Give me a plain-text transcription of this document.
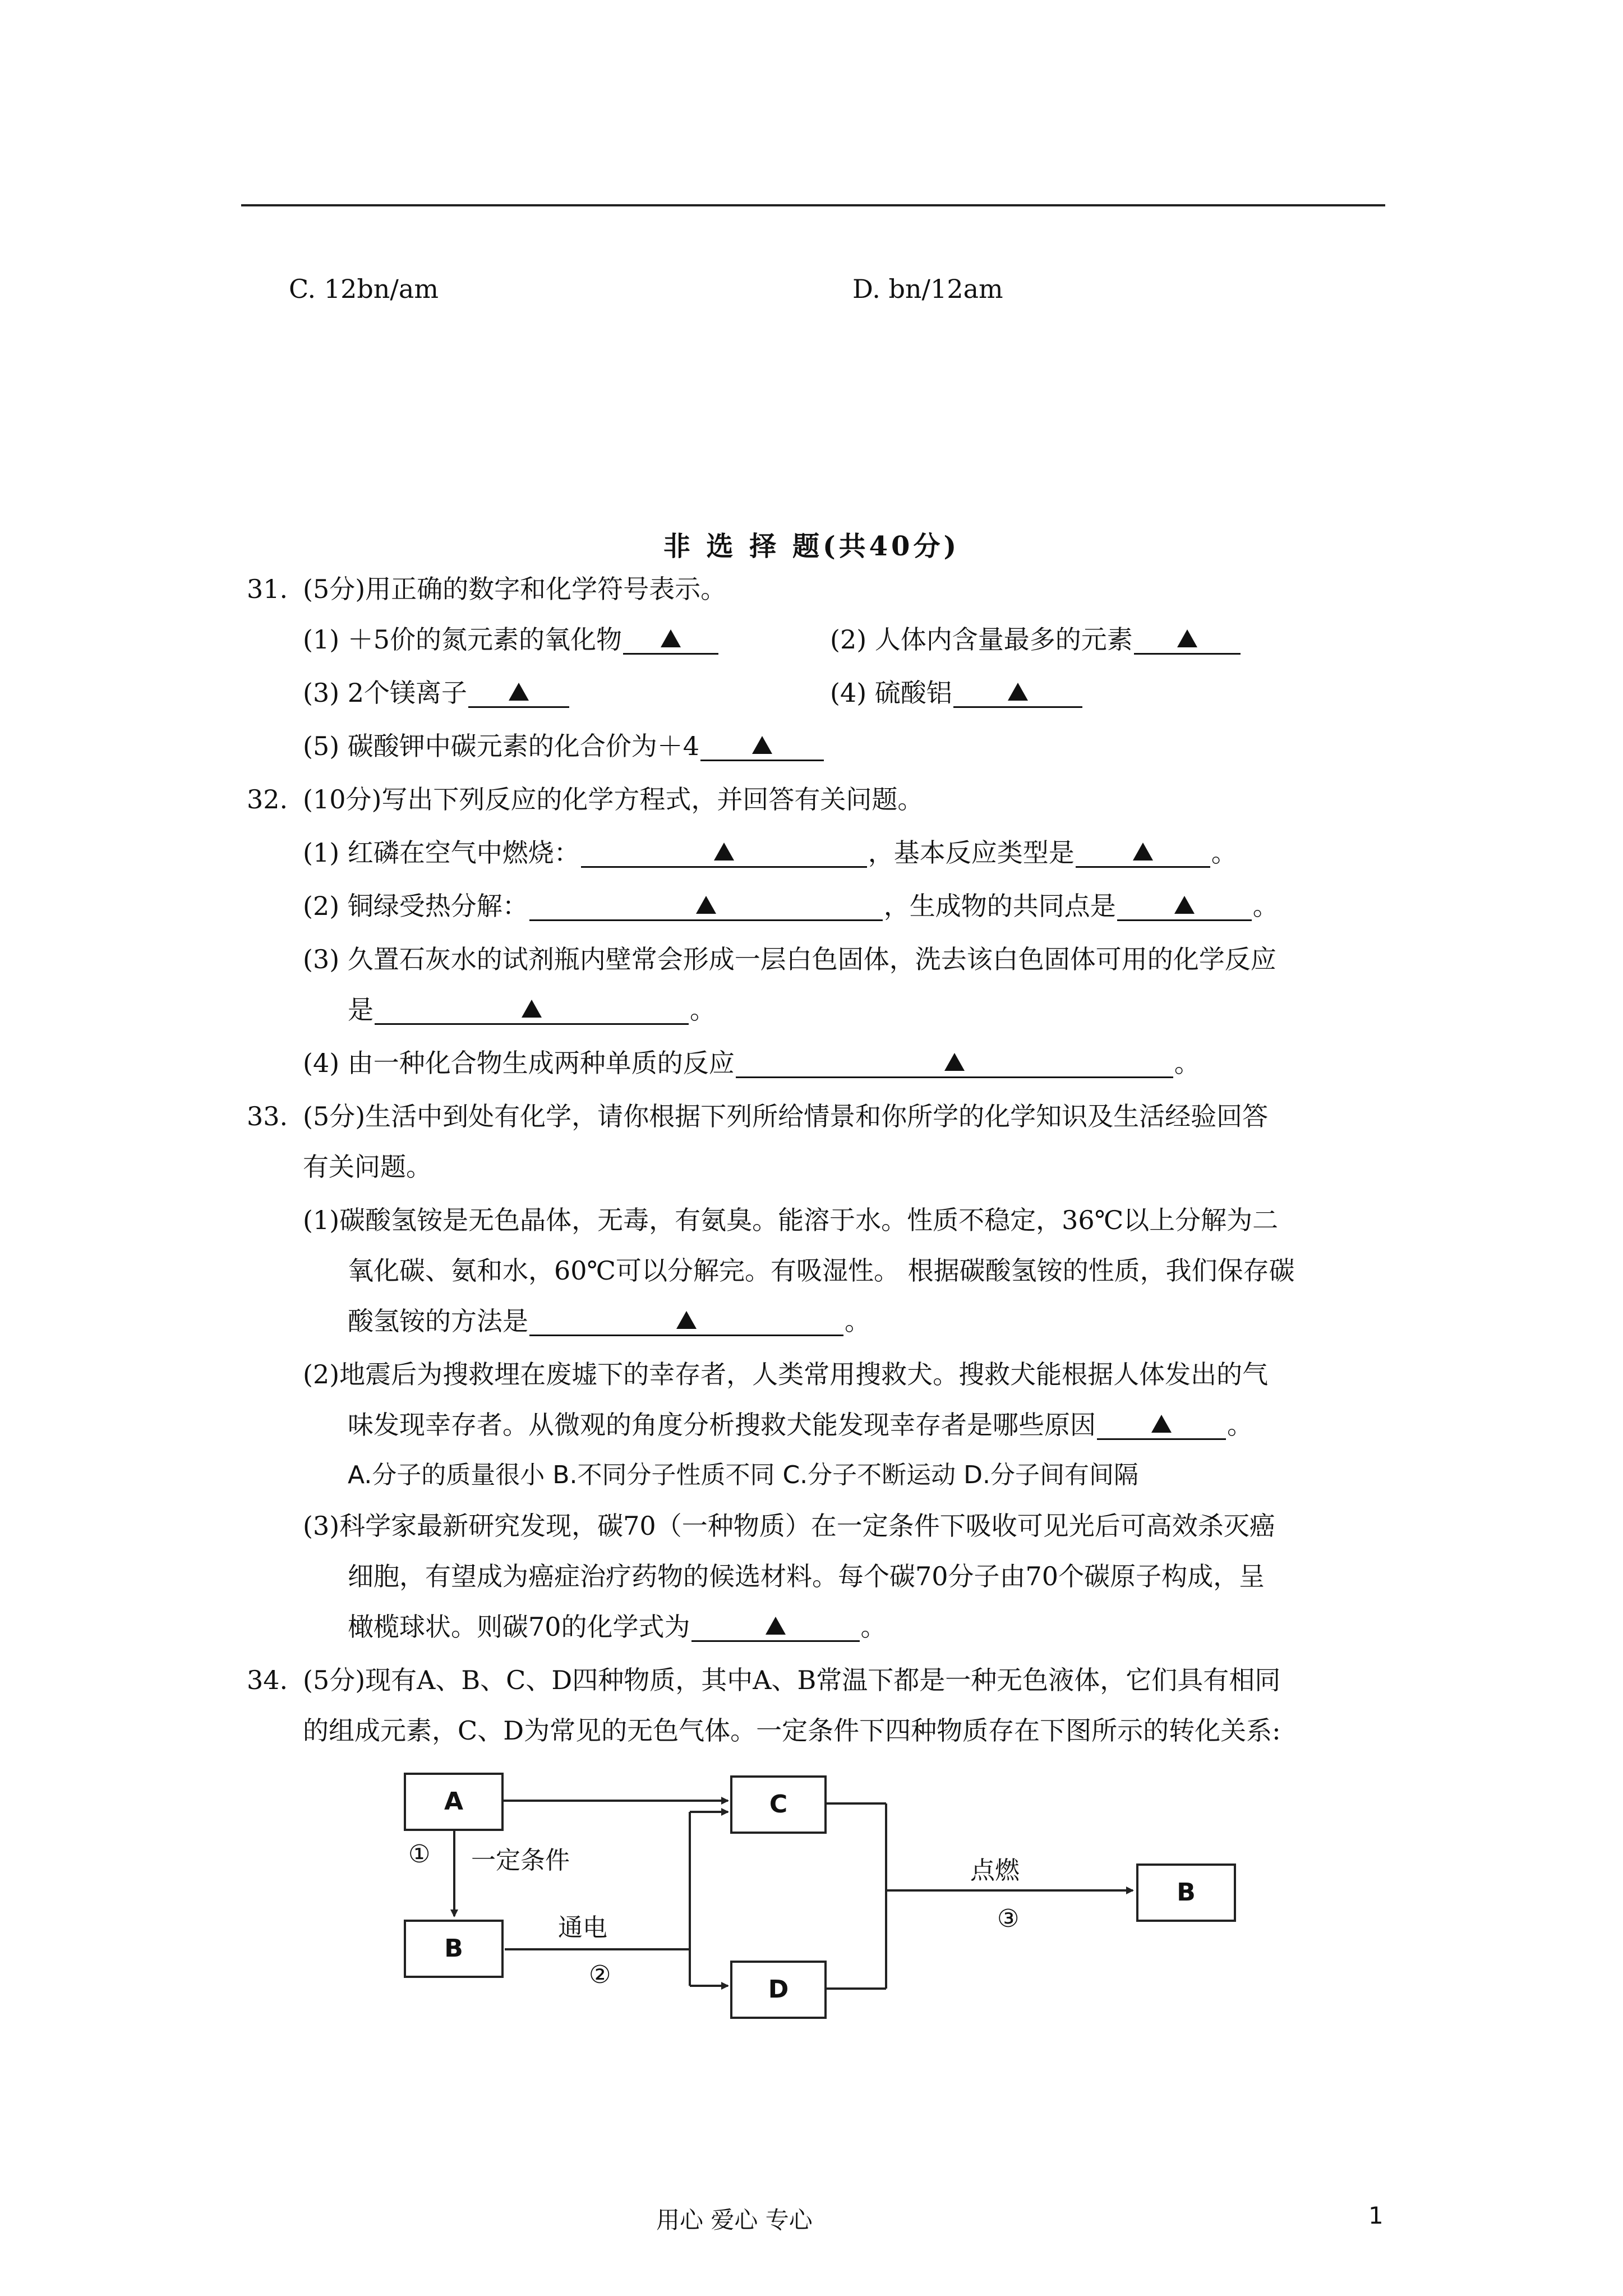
C. 12bn/am	D. bn/12am
非 选 择 题(共40分)
31. (5分)用正确的数字和化学符号表示。
(1) ＋5价的氮元素的氧化物	(2) 人体内含量最多的元素
(3) 2个镁离子	(4) 硫酸铝
(5) 碳酸钾中碳元素的化合价为＋4
32. (10分)写出下列反应的化学方程式，并回答有关问题。
(1) 红磷在空气中燃烧：	，基本反应类型是	。
(2) 铜绿受热分解：	，生成物的共同点是	。
(3) 久置石灰水的试剂瓶内壁常会形成一层白色固体，洗去该白色固体可用的化学反应
是	。
(4) 由一种化合物生成两种单质的反应	。
33. (5分)生活中到处有化学，请你根据下列所给情景和你所学的化学知识及生活经验回答
有关问题。
(1)碳酸氢铵是无色晶体，无毒，有氨臭。能溶于水。性质不稳定，36℃以上分解为二
氧化碳、氨和水，60℃可以分解完。有吸湿性。 根据碳酸氢铵的性质，我们保存碳
酸氢铵的方法是	。
(2)地震后为搜救埋在废墟下的幸存者，人类常用搜救犬。搜救犬能根据人体发出的气
味发现幸存者。从微观的角度分析搜救犬能发现幸存者是哪些原因	。
A.分子的质量很小 B.不同分子性质不同 C.分子不断运动 D.分子间有间隔
(3)科学家最新研究发现，碳70（一种物质）在一定条件下吸收可见光后可高效杀灭癌
细胞，有望成为癌症治疗药物的候选材料。每个碳70分子由70个碳原子构成，呈
橄榄球状。则碳70的化学式为	。
34. (5分)现有A、B、C、D四种物质，其中A、B常温下都是一种无色液体，它们具有相同
的组成元素，C、D为常见的无色气体。一定条件下四种物质存在下图所示的转化关系:
A
B
C
D
B
① 一定条件
通电
②
点燃
③
用心 爱心 专心	1
